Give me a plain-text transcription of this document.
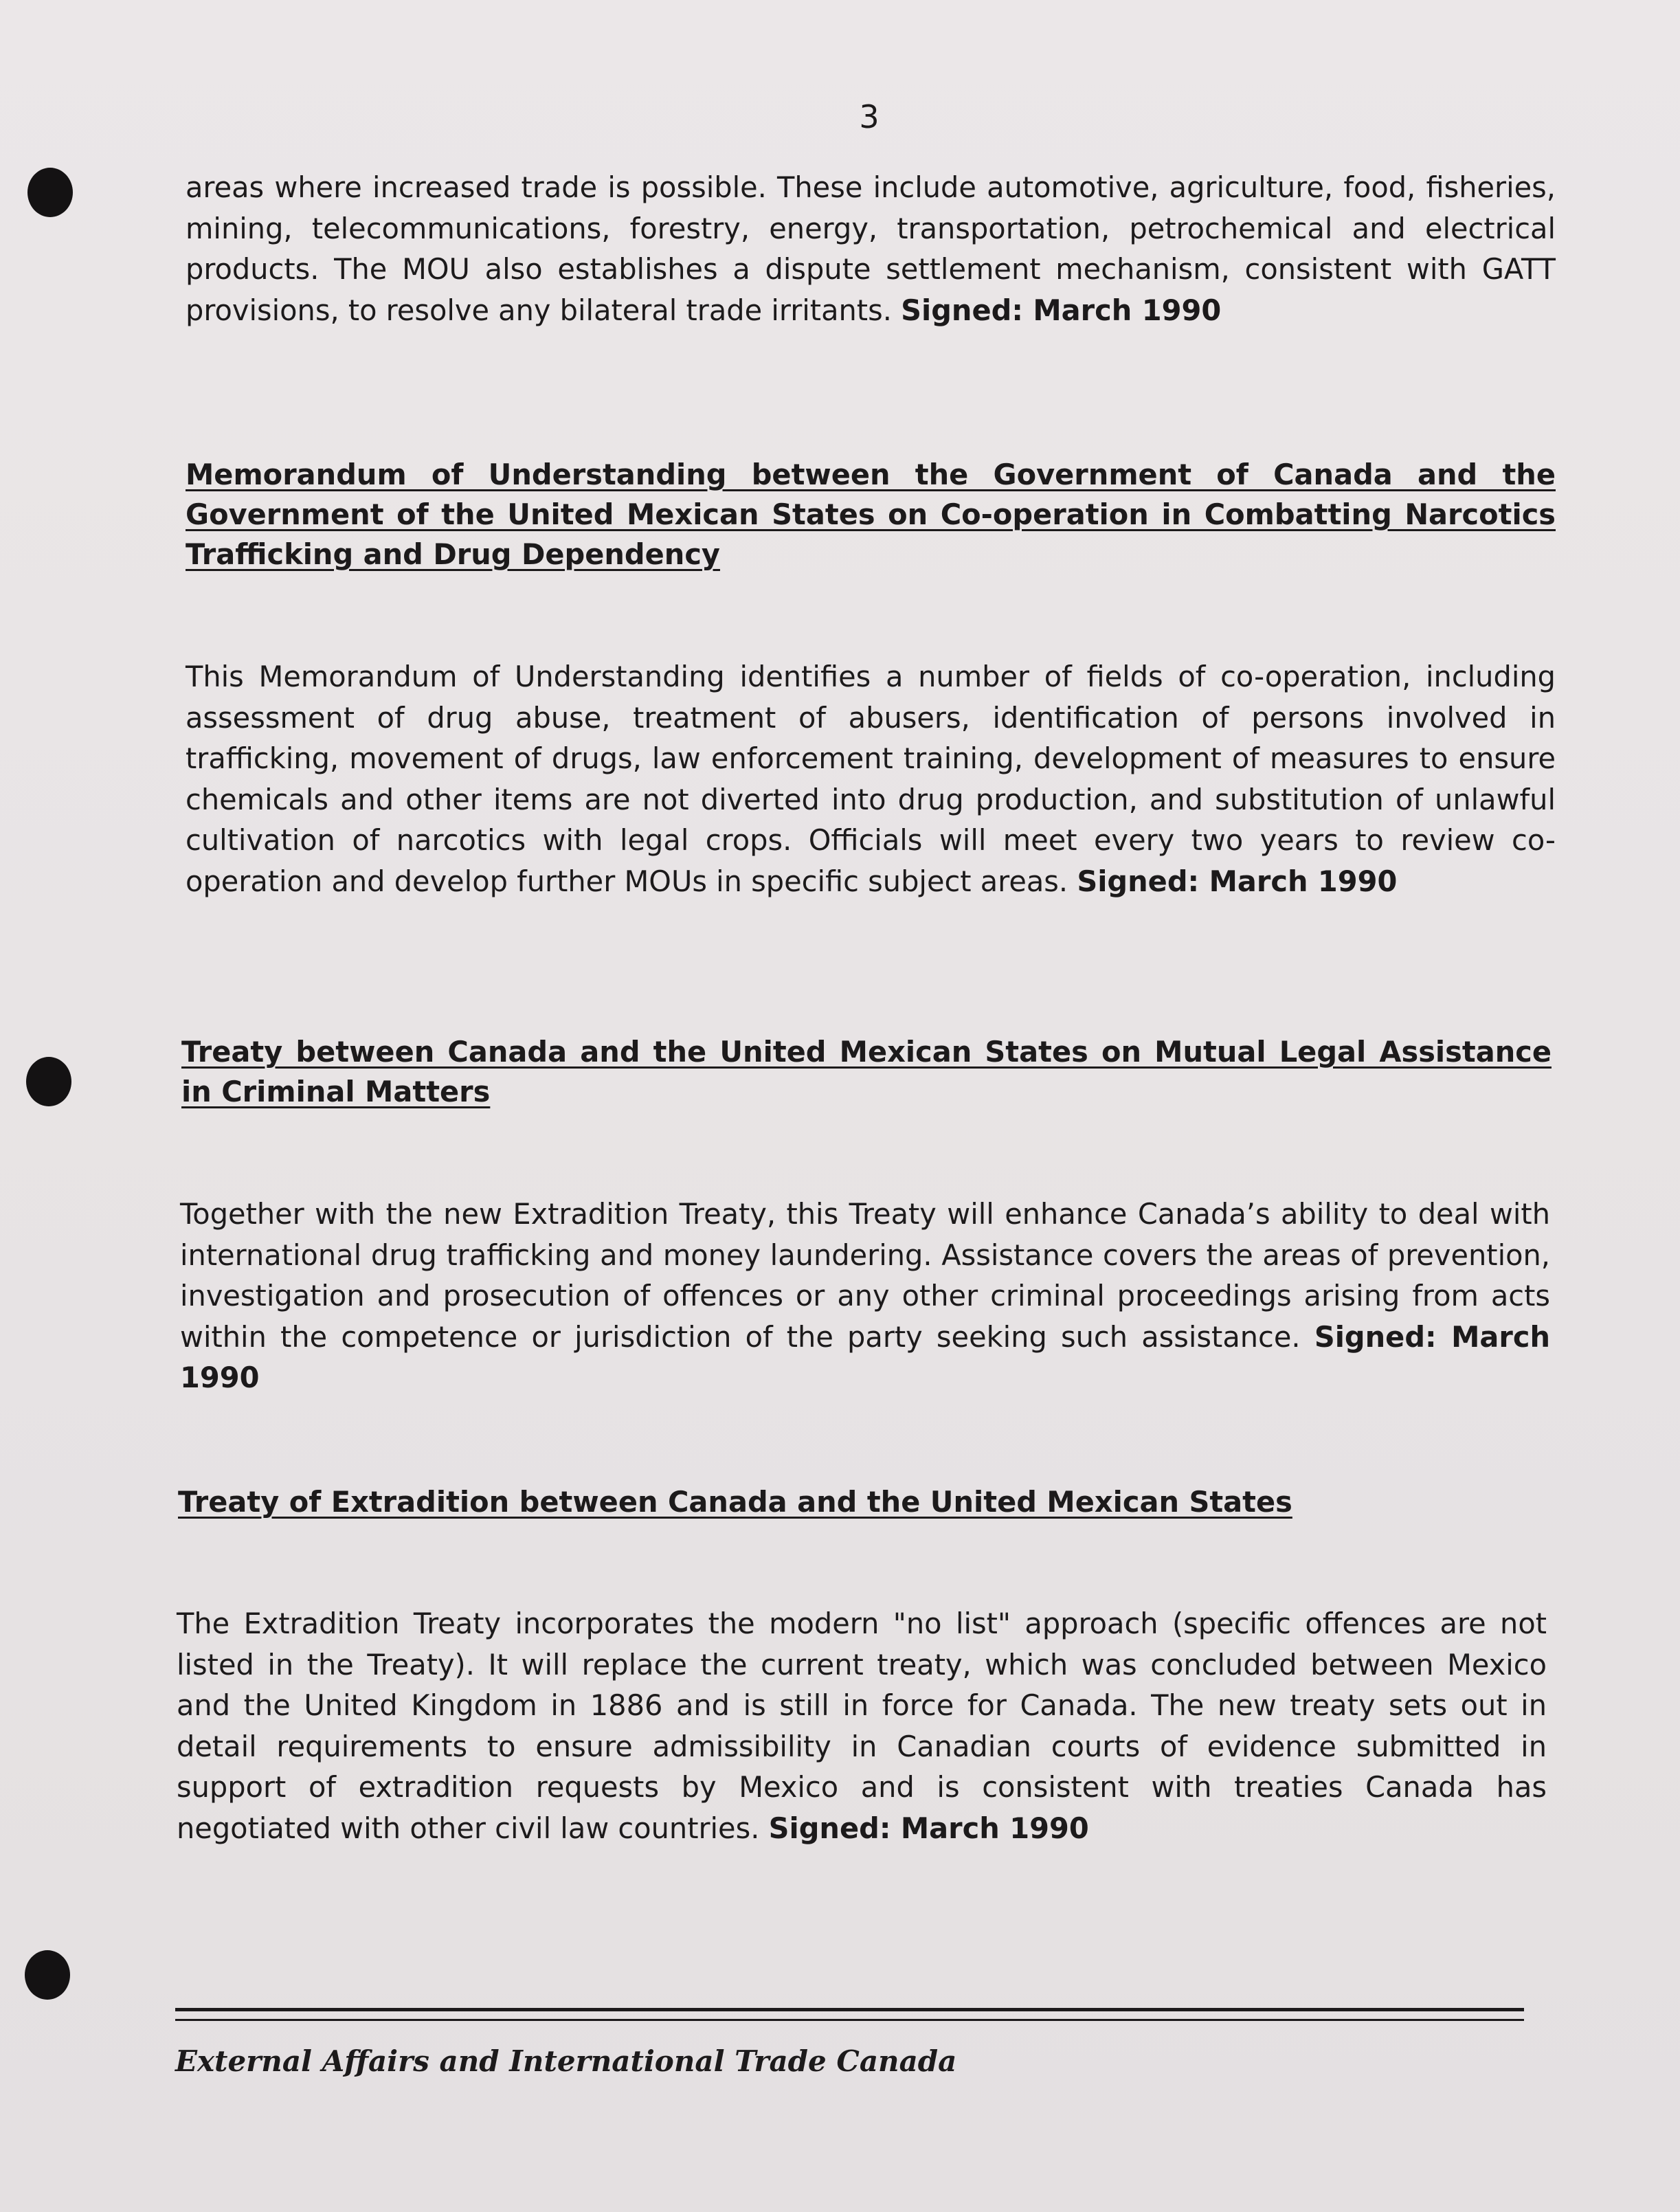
3
areas where increased trade is possible. These include automotive, agriculture, food, fisheries, mining, telecommunications, forestry, energy, transportation, petrochemical and electrical products. The MOU also establishes a dispute settlement mechanism, consistent with GATT provisions, to resolve any bilateral trade irritants. Signed: March 1990
Memorandum of Understanding between the Government of Canada and the Government of the United Mexican States on Co-operation in Combatting Narcotics Trafficking and Drug Dependency
This Memorandum of Understanding identifies a number of fields of co-operation, including assessment of drug abuse, treatment of abusers, identification of persons involved in trafficking, movement of drugs, law enforcement training, development of measures to ensure chemicals and other items are not diverted into drug production, and substitution of unlawful cultivation of narcotics with legal crops. Officials will meet every two years to review co-operation and develop further MOUs in specific subject areas. Signed: March 1990
Treaty between Canada and the United Mexican States on Mutual Legal Assistance in Criminal Matters
Together with the new Extradition Treaty, this Treaty will enhance Canada’s ability to deal with international drug trafficking and money laundering. Assistance covers the areas of prevention, investigation and prosecution of offences or any other criminal proceedings arising from acts within the competence or jurisdiction of the party seeking such assistance. Signed: March 1990
Treaty of Extradition between Canada and the United Mexican States
The Extradition Treaty incorporates the modern "no list" approach (specific offences are not listed in the Treaty). It will replace the current treaty, which was concluded between Mexico and the United Kingdom in 1886 and is still in force for Canada. The new treaty sets out in detail requirements to ensure admissibility in Canadian courts of evidence submitted in support of extradition requests by Mexico and is consistent with treaties Canada has negotiated with other civil law countries. Signed: March 1990
External Affairs and International Trade Canada
